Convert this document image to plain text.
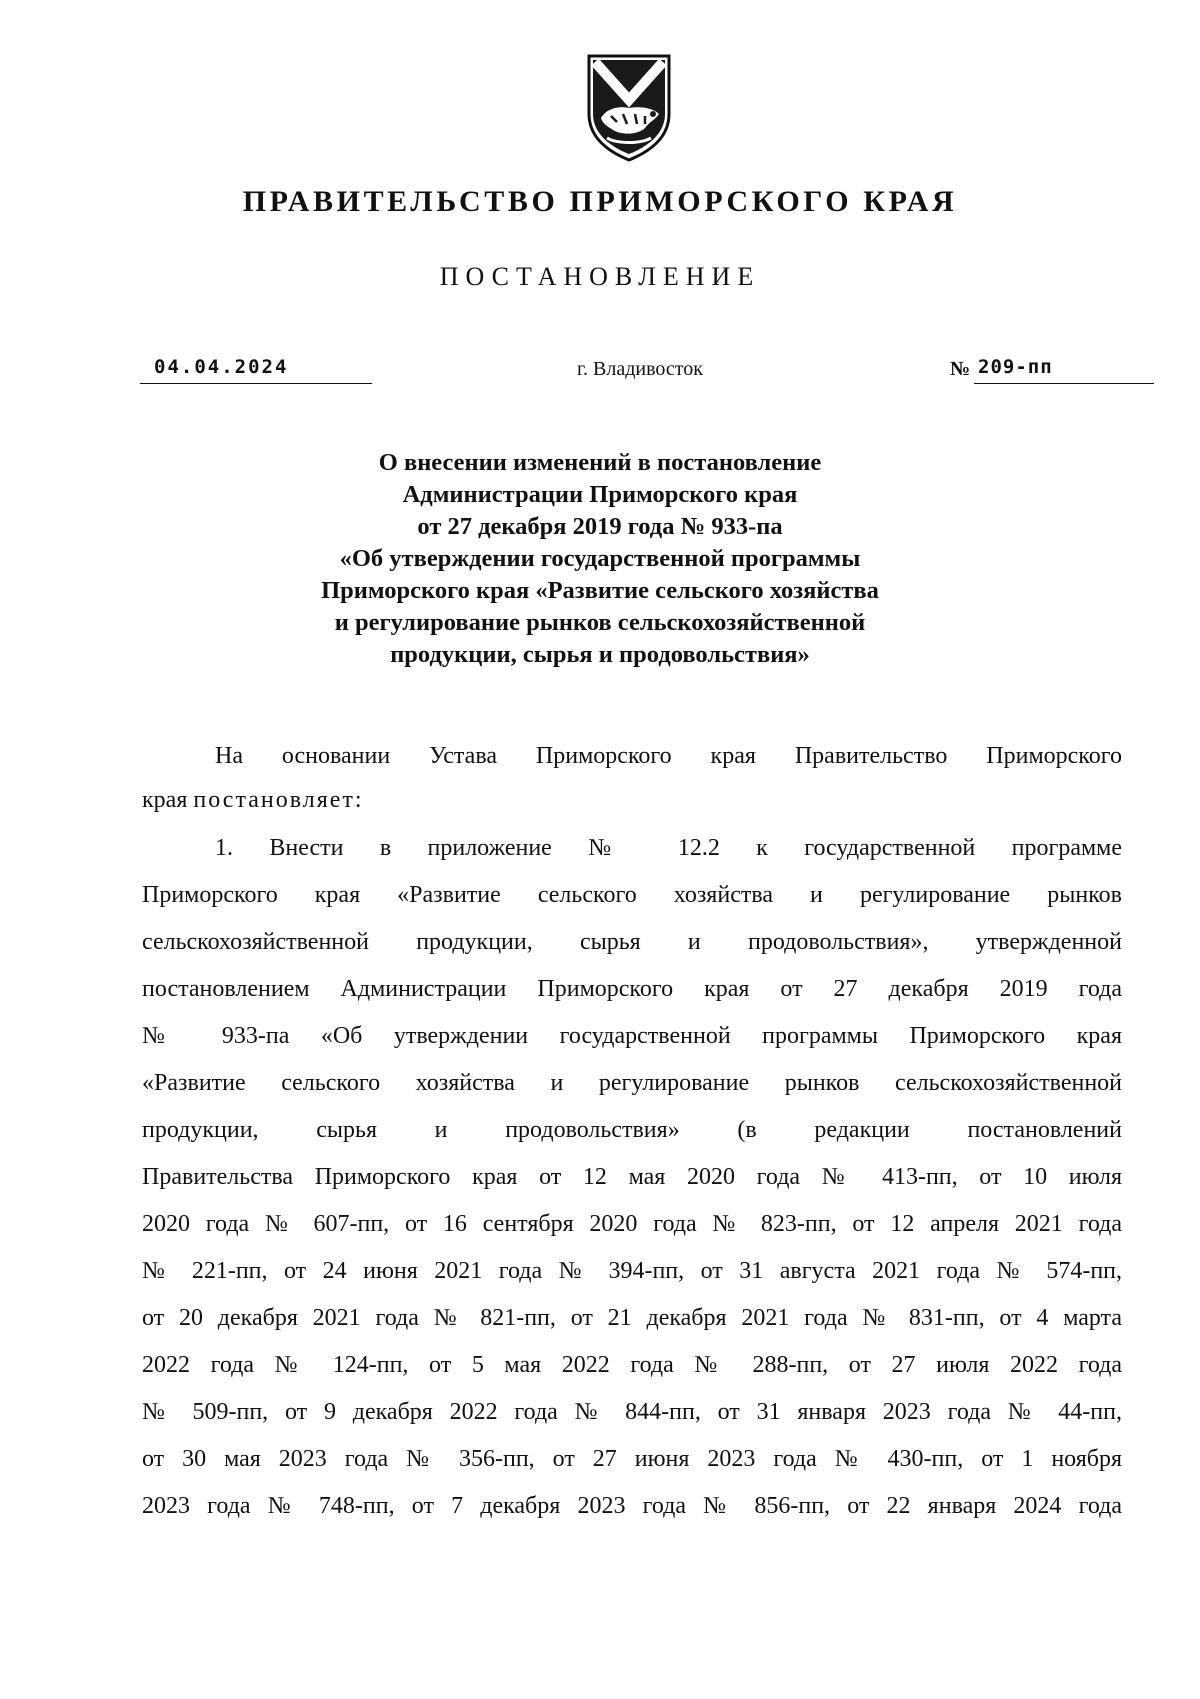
ПРАВИТЕЛЬСТВО ПРИМОРСКОГО КРАЯ
ПОСТАНОВЛЕНИЕ
04.04.2024	г. Владивосток	№ 209-пп
О внесении изменений в постановление
Администрации Приморского края
от 27 декабря 2019 года № 933-па
«Об утверждении государственной программы
Приморского края «Развитие сельского хозяйства
и регулирование рынков сельскохозяйственной
продукции, сырья и продовольствия»
На основании Устава Приморского края Правительство Приморского
края постановляет:
1. Внести в приложение № 12.2 к государственной программе
Приморского края «Развитие сельского хозяйства и регулирование рынков
сельскохозяйственной продукции, сырья и продовольствия», утвержденной
постановлением Администрации Приморского края от 27 декабря 2019 года
№ 933-па «Об утверждении государственной программы Приморского края
«Развитие сельского хозяйства и регулирование рынков сельскохозяйственной
продукции, сырья и продовольствия» (в редакции постановлений
Правительства Приморского края от 12 мая 2020 года № 413-пп, от 10 июля
2020 года № 607-пп, от 16 сентября 2020 года № 823-пп, от 12 апреля 2021 года
№ 221-пп, от 24 июня 2021 года № 394-пп, от 31 августа 2021 года № 574-пп,
от 20 декабря 2021 года № 821-пп, от 21 декабря 2021 года № 831-пп, от 4 марта
2022 года № 124-пп, от 5 мая 2022 года № 288-пп, от 27 июля 2022 года
№ 509-пп, от 9 декабря 2022 года № 844-пп, от 31 января 2023 года № 44-пп,
от 30 мая 2023 года № 356-пп, от 27 июня 2023 года № 430-пп, от 1 ноября
2023 года № 748-пп, от 7 декабря 2023 года № 856-пп, от 22 января 2024 года
